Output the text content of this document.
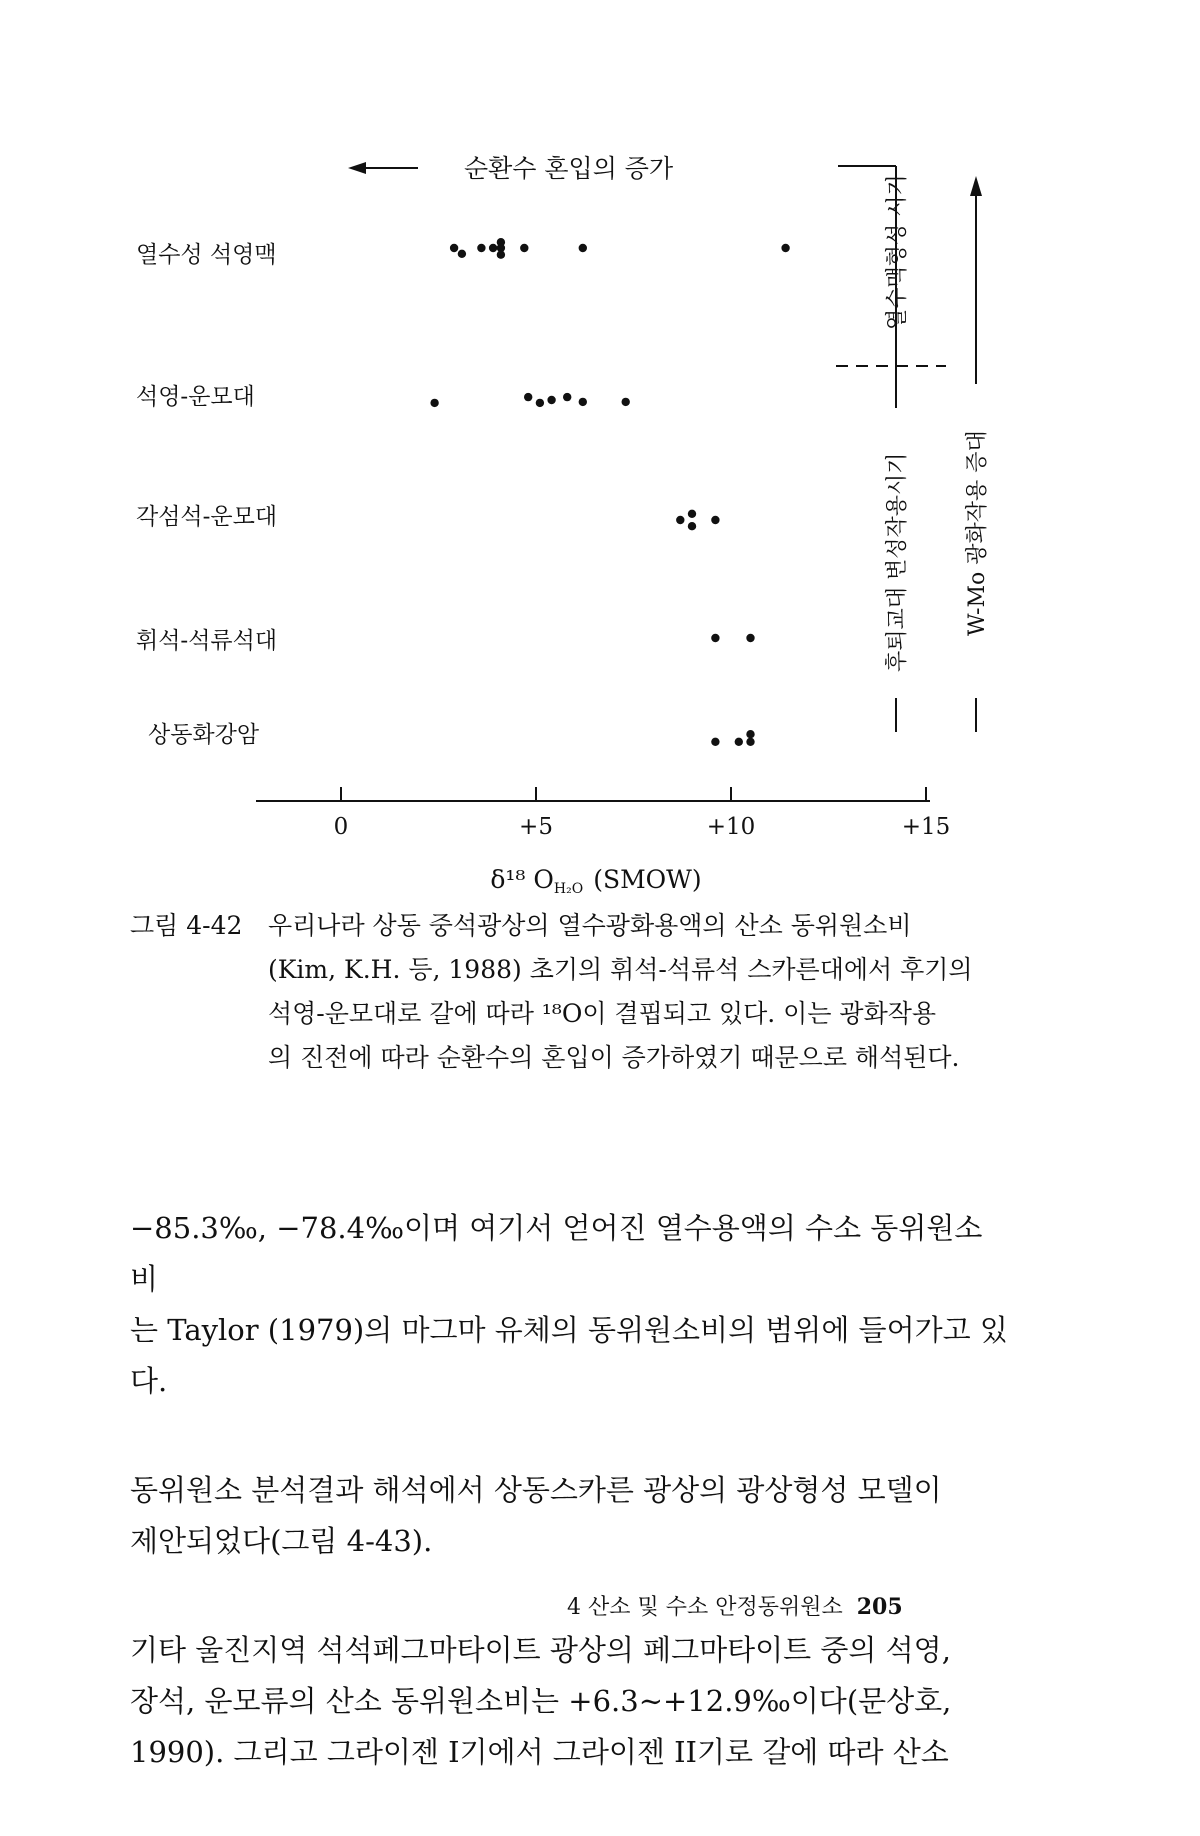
순환수 혼입의 증가
열수성 석영맥
석영-운모대
각섬석-운모대
휘석-석류석대
상동화강암
열수맥형성 시기
후퇴교대 변성작용시기	W-Mo 광화작용 증대
0	+5	+10	+15
δ¹⁸ $O_{H_2O}$ (SMOW)
그림 4-42	우리나라 상동 중석광상의 열수광화용액의 산소 동위원소비
(Kim, K.H. 등, 1988) 초기의 휘석-석류석 스카른대에서 후기의
석영-운모대로 갈에 따라 ¹⁸O이 결핍되고 있다. 이는 광화작용
의 진전에 따라 순환수의 혼입이 증가하였기 때문으로 해석된다.

−85.3‰, −78.4‰이며 여기서 얻어진 열수용액의 수소 동위원소비
는 Taylor (1979)의 마그마 유체의 동위원소비의 범위에 들어가고 있
다.

동위원소 분석결과 해석에서 상동스카른 광상의 광상형성 모델이
제안되었다(그림 4-43).

기타 울진지역 석석페그마타이트 광상의 페그마타이트 중의 석영,
장석, 운모류의 산소 동위원소비는 +6.3∼+12.9‰이다(문상호,
1990). 그리고 그라이젠 I기에서 그라이젠 II기로 갈에 따라 산소

4 산소 및 수소 안정동위원소 205
